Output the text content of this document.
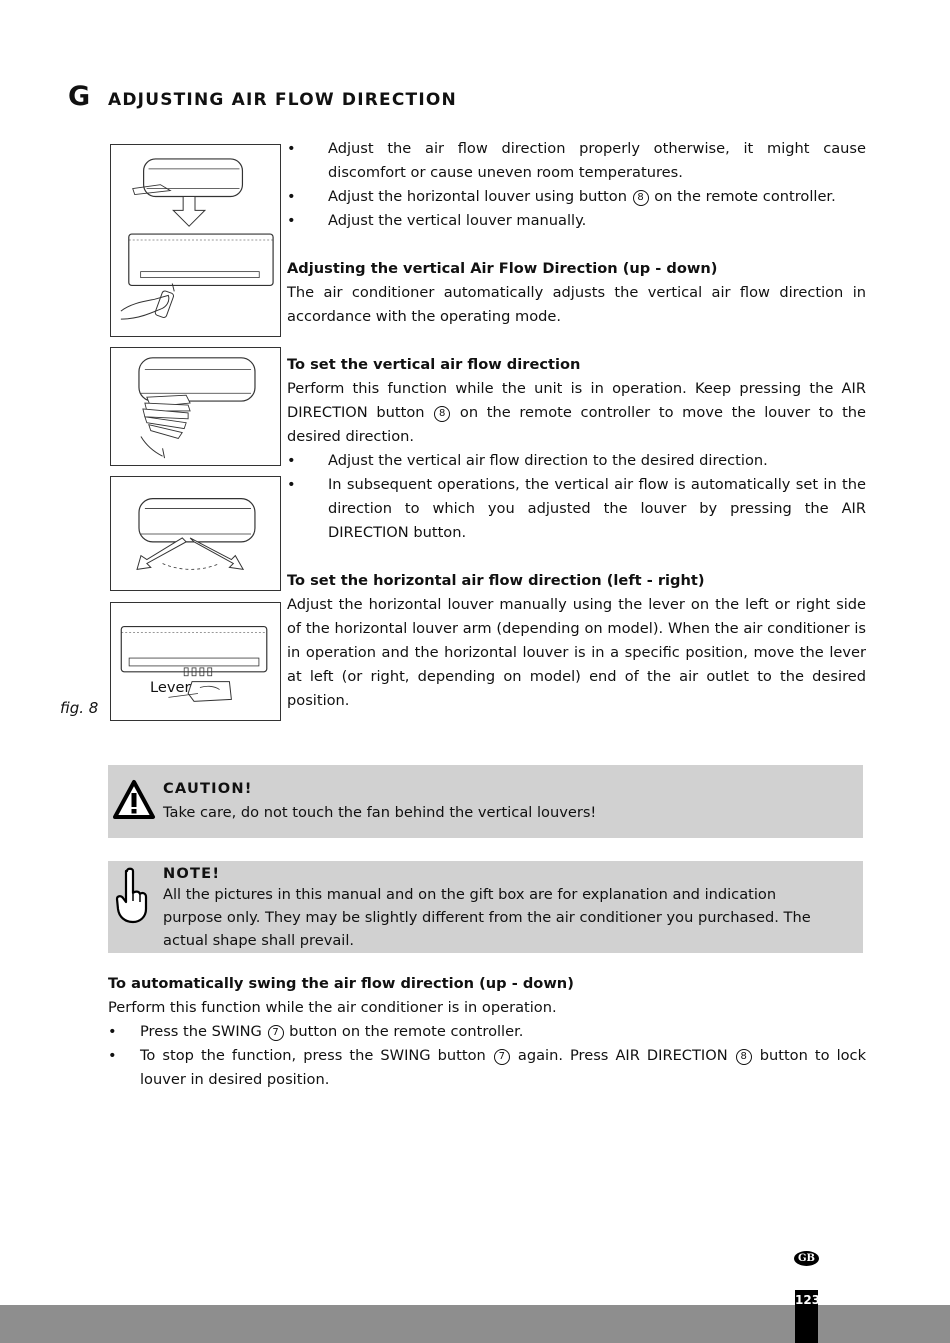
G ADJUSTING AIR FLOW DIRECTION
Lever
fig. 8
•	Adjust the air flow direction properly otherwise, it might cause discomfort or cause uneven room temperatures.
•	Adjust the horizontal louver using button 8 on the remote controller.
•	Adjust the vertical louver manually.

Adjusting the vertical Air Flow Direction (up - down)

The air conditioner automatically adjusts the vertical air flow direction in accordance with the operating mode.

To set the vertical air flow direction

Perform this function while the unit is in operation. Keep pressing the AIR DIRECTION button 8 on the remote controller to move the louver to the desired direction.

•	Adjust the vertical air flow direction to the desired direction.
•	In subsequent operations, the vertical air flow is automatically set in the direction to which you adjusted the louver by pressing the AIR DIRECTION button.

To set the horizontal air flow direction (left - right)

Adjust the horizontal louver manually using the lever on the left or right side of the horizontal louver arm (depending on model). When the air conditioner is in operation and the horizontal louver is in a specific position, move the lever at left (or right, depending on model) end of the air outlet to the desired position.

CAUTION!
Take care, do not touch the fan behind the vertical louvers!
NOTE!
All the pictures in this manual and on the gift box are for explanation and indication purpose only. They may be slightly different from the air conditioner you purchased. The actual shape shall prevail.

To automatically swing the air flow direction (up - down)

Perform this function while the air conditioner is in operation.

•	Press the SWING 7 button on the remote controller.
•	To stop the function, press the SWING button 7 again. Press AIR DIRECTION 8 button to lock louver in desired position.
GB
123
